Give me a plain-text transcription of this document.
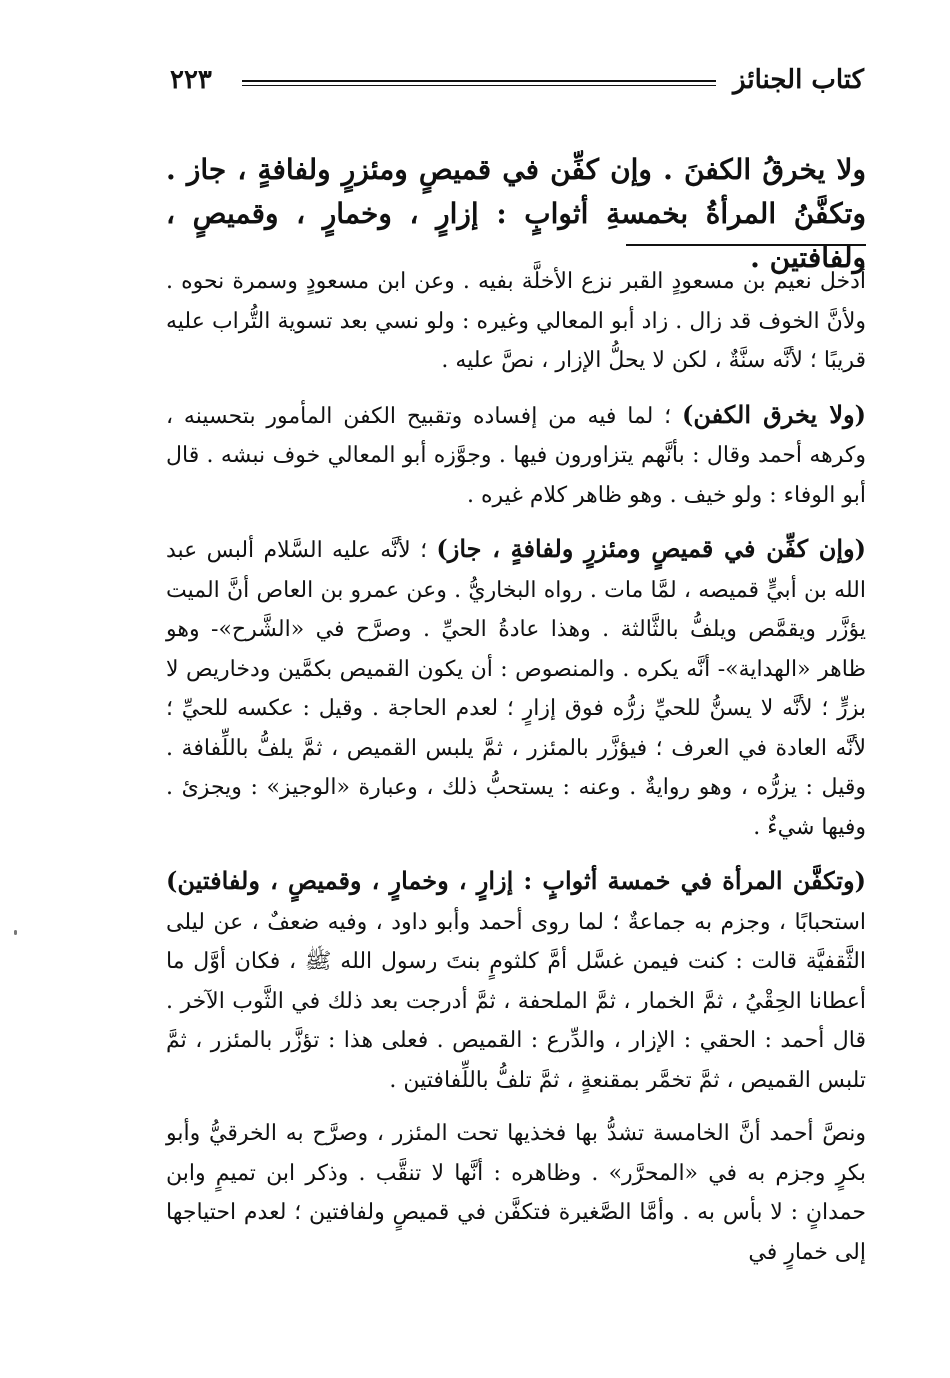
كتاب الجنائز
٢٢٣
ولا يخرقُ الكفنَ . وإن كفِّن في قميصٍ ومئزرٍ ولفافةٍ ، جاز . وتكفَّنُ المرأةُ بخمسةِ أثوابٍ : إزارٍ ، وخمارٍ ، وقميصٍ ، ولفافتين .

أدخل نعيم بن مسعودٍ القبر نزع الأخلَّة بفيه . وعن ابن مسعودٍ وسمرة نحوه . ولأنَّ الخوف قد زال . زاد أبو المعالي وغيره : ولو نسي بعد تسوية التُّراب عليه قريبًا ؛ لأنَّه سنَّةٌ ، لكن لا يحلُّ الإزار ، نصَّ عليه .

(ولا يخرق الكفن) ؛ لما فيه من إفساده وتقبيح الكفن المأمور بتحسينه ، وكرهه أحمد وقال : بأنَّهم يتزاورون فيها . وجوَّزه أبو المعالي خوف نبشه . قال أبو الوفاء : ولو خيف . وهو ظاهر كلام غيره .

(وإن كفِّن في قميصٍ ومئزرٍ ولفافةٍ ، جاز) ؛ لأنَّه عليه السَّلام ألبس عبد الله بن أبيٍّ قميصه ، لمَّا مات . رواه البخاريُّ . وعن عمرو بن العاص أنَّ الميت يؤزَّر ويقمَّص ويلفُّ بالثَّالثة . وهذا عادةُ الحيِّ . وصرَّح في «الشَّرح»- وهو ظاهر «الهداية»- أنَّه يكره . والمنصوص : أن يكون القميص بكمَّين ودخاريص لا بزرٍّ ؛ لأنَّه لا يسنُّ للحيِّ زرُّه فوق إزارٍ ؛ لعدم الحاجة . وقيل : عكسه للحيِّ ؛ لأنَّه العادة في العرف ؛ فيؤزَّر بالمئزر ، ثمَّ يلبس القميص ، ثمَّ يلفُّ باللِّفافة . وقيل : يزرُّه ، وهو روايةٌ . وعنه : يستحبُّ ذلك ، وعبارة «الوجيز» : ويجزئ . وفيها شيءٌ .

(وتكفَّن المرأة في خمسة أثوابٍ : إزارٍ ، وخمارٍ ، وقميصٍ ، ولفافتين) استحبابًا ، وجزم به جماعةٌ ؛ لما روى أحمد وأبو داود ، وفيه ضعفٌ ، عن ليلى الثَّقفيَّة قالت : كنت فيمن غسَّل أمَّ كلثومٍ بنتَ رسول الله ﷺ ، فكان أوَّل ما أعطانا الحِقْيُ ، ثمَّ الخمار ، ثمَّ الملحفة ، ثمَّ أدرجت بعد ذلك في الثَّوب الآخر . قال أحمد : الحقي : الإزار ، والدِّرع : القميص . فعلى هذا : تؤزَّر بالمئزر ، ثمَّ تلبس القميص ، ثمَّ تخمَّر بمقنعةٍ ، ثمَّ تلفُّ باللِّفافتين .

ونصَّ أحمد أنَّ الخامسة تشدُّ بها فخذيها تحت المئزر ، وصرَّح به الخرقيُّ وأبو بكرٍ وجزم به في «المحرَّر» . وظاهره : أنَّها لا تنقَّب . وذكر ابن تميمٍ وابن حمدانٍ : لا بأس به . وأمَّا الصَّغيرة فتكفَّن في قميصٍ ولفافتين ؛ لعدم احتياجها إلى خمارٍ في
